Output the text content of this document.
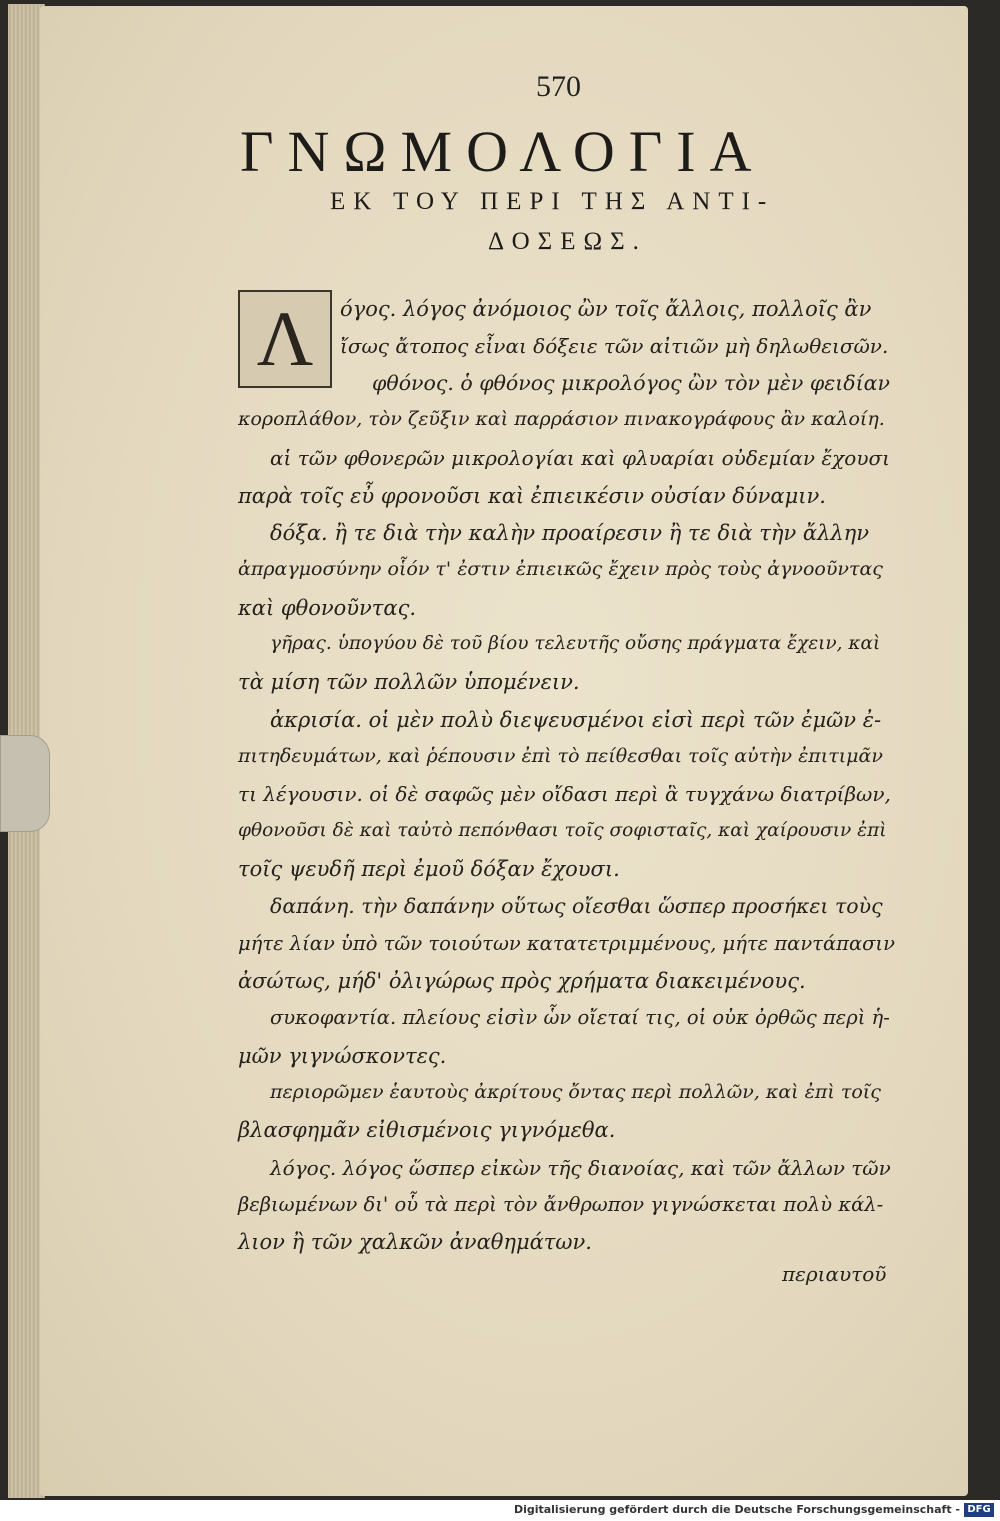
570
ΓΝΩΜΟΛΟΓΙΑ
ΕΚ ΤΟΥ ΠΕΡΙ ΤΗΣ ΑΝΤΙ-
ΔΟΣΕΩΣ.
Λ	όγος. λόγος ἀνόμοιος ὢν τοῖς ἄλλοις, πολλοῖς ἂν
ἴσως ἄτοπος εἶναι δόξειε τῶν αἰτιῶν μὴ δηλωθεισῶν.
φθόνος. ὁ φθόνος μικρολόγος ὢν τὸν μὲν φειδίαν
κοροπλάθον, τὸν ζεῦξιν καὶ παρράσιον πινακογράφους ἂν καλοίη.
αἱ τῶν φθονερῶν μικρολογίαι καὶ φλυαρίαι οὐδεμίαν ἔχουσι
παρὰ τοῖς εὖ φρονοῦσι καὶ ἐπιεικέσιν οὐσίαν δύναμιν.
δόξα. ἢ τε διὰ τὴν καλὴν προαίρεσιν ἢ τε διὰ τὴν ἄλλην
ἀπραγμοσύνην οἷόν τ' ἐστιν ἐπιεικῶς ἔχειν πρὸς τοὺς ἀγνοοῦντας
καὶ φθονοῦντας.
γῆρας. ὑπογύου δὲ τοῦ βίου τελευτῆς οὔσης πράγματα ἔχειν, καὶ
τὰ μίση τῶν πολλῶν ὑπομένειν.
ἀκρισία. οἱ μὲν πολὺ διεψευσμένοι εἰσὶ περὶ τῶν ἐμῶν ἐ-
πιτηδευμάτων, καὶ ῥέπουσιν ἐπὶ τὸ πείθεσθαι τοῖς αὐτὴν ἐπιτιμᾶν
τι λέγουσιν. οἱ δὲ σαφῶς μὲν οἴδασι περὶ ἃ τυγχάνω διατρίβων,
φθονοῦσι δὲ καὶ ταὐτὸ πεπόνθασι τοῖς σοφισταῖς, καὶ χαίρουσιν ἐπὶ
τοῖς ψευδῆ περὶ ἐμοῦ δόξαν ἔχουσι.
δαπάνη. τὴν δαπάνην οὕτως οἴεσθαι ὥσπερ προσήκει τοὺς
μήτε λίαν ὑπὸ τῶν τοιούτων κατατετριμμένους, μήτε παντάπασιν
ἀσώτως, μήδ' ὀλιγώρως πρὸς χρήματα διακειμένους.
συκοφαντία. πλείους εἰσὶν ὧν οἴεταί τις, οἱ οὐκ ὀρθῶς περὶ ἡ-
μῶν γιγνώσκοντες.
περιορῶμεν ἑαυτοὺς ἀκρίτους ὄντας περὶ πολλῶν, καὶ ἐπὶ τοῖς
βλασφημᾶν εἰθισμένοις γιγνόμεθα.
λόγος. λόγος ὥσπερ εἰκὼν τῆς διανοίας, καὶ τῶν ἄλλων τῶν
βεβιωμένων δι' οὗ τὰ περὶ τὸν ἄνθρωπον γιγνώσκεται πολὺ κάλ-
λιον ἢ τῶν χαλκῶν ἀναθημάτων.
περιαυτοῦ
Digitalisierung gefördert durch die Deutsche Forschungsgemeinschaft - DFG
